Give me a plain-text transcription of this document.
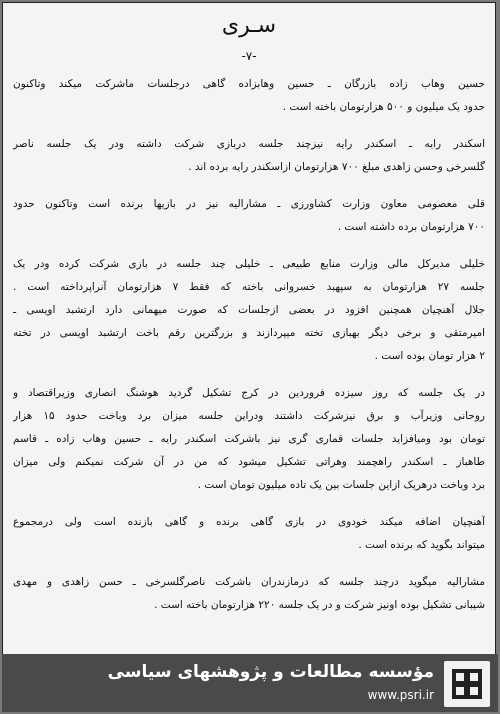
سـری
-۷-
حسین وهاب زاده بازرگان ـ حسین وهابزاده گاهی درجلسات ماشرکت میکند وتاکنون
حدود یک میلیون و ۵۰۰ هزارتومان باخته است .
اسکندر رایه ـ اسکندر رایه نیزچند جلسه دربازی شرکت داشته ودر یک جلسه ناصر
گلسرخی وحسن زاهدی مبلغ ۷۰۰ هزارتومان ازاسکندر رایه برده اند .
قلی معصومی معاون وزارت کشاورزی ـ مشارالیه نیز در بازیها برنده است وتاکنون حدود
۷۰۰ هزارتومان برده داشته است .
خلیلی مدیرکل مالی وزارت منابع طبیعی ـ خلیلی چند جلسه در بازی شرکت کرده ودر یک
جلسه ۲۷ هزارتومان به سپهبد خسروانی باخته که فقط ۷ هزارتومان آنراپرداخته است .
جلال آهنچیان همچنین افزود در بعضی ازجلسات که صورت میهمانی دارد ارتشبد اویسی ـ
امیرمتقی و برخی دیگر بهبازی تخته میپردازند و بزرگترین رقم باخت ارتشبد اویسی در تخته
۲ هزار تومان بوده است .
در یک جلسه که روز سیزده فروردین در کرج تشکیل گردید هوشنگ انصاری وزیراقتصاد و
روحانی وزیرآب و برق نیزشرکت داشتند ودراین جلسه میزان برد وباخت حدود ۱۵ هزار
تومان بود ومیافزاید جلسات قماری گری نیز باشرکت اسکندر رایه ـ حسین وهاب زاده ـ قاسم
طاهباز ـ اسکندر راهچمند وهراتی تشکیل میشود که من در آن شرکت نمیکنم ولی میزان
برد وباخت درهریک ازاین جلسات بین یک تاده میلیون تومان است .
آهنچیان اضافه میکند خودوی در بازی گاهی برنده و گاهی بازنده است ولی درمجموع
میتواند بگوید که برنده است .
مشارالیه میگوید درچند جلسه که درمازندران باشرکت ناصرگلسرخی ـ حسن زاهدی و مهدی
شیبانی تشکیل بوده اونیز شرکت و در یک جلسه ۲۲۰ هزارتومان باخته است .
مؤسسه مطالعات و پژوهشهای سیاسی
www.psri.ir
